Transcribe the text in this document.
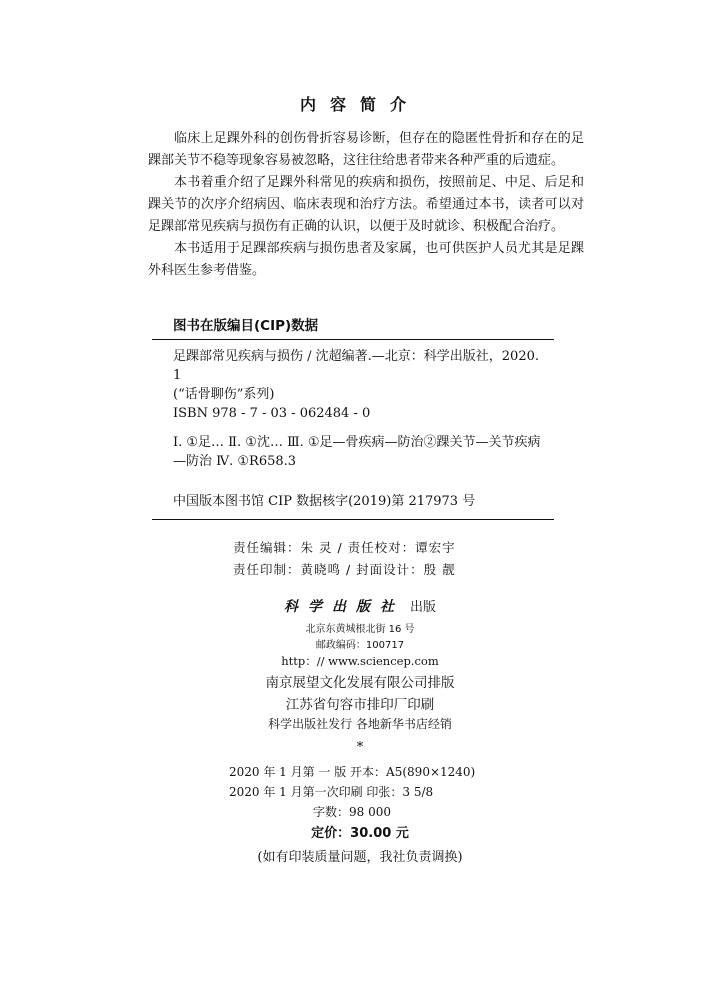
内容简介

临床上足踝外科的创伤骨折容易诊断，但存在的隐匿性骨折和存在的足踝部关节不稳等现象容易被忽略，这往往给患者带来各种严重的后遗症。

本书着重介绍了足踝外科常见的疾病和损伤，按照前足、中足、后足和踝关节的次序介绍病因、临床表现和治疗方法。希望通过本书，读者可以对足踝部常见疾病与损伤有正确的认识，以便于及时就诊、积极配合治疗。

本书适用于足踝部疾病与损伤患者及家属，也可供医护人员尤其是足踝外科医生参考借鉴。

图书在版编目(CIP)数据

足踝部常见疾病与损伤 / 沈超编著.—北京：科学出版社，2020. 1

(“话骨聊伤”系列)

ISBN 978 - 7 - 03 - 062484 - 0

Ⅰ. ①足… Ⅱ. ①沈… Ⅲ. ①足—骨疾病—防治②踝关节—关节疾病—防治 Ⅳ. ①R658.3

中国版本图书馆 CIP 数据核字(2019)第 217973 号
责任编辑：朱 灵 / 责任校对：谭宏宇
责任印制：黄晓鸣 / 封面设计：殷 靓
科学出版社 出版
北京东黄城根北街 16 号
邮政编码：100717
http：// www.sciencep.com
南京展望文化发展有限公司排版
江苏省句容市排印厂印刷
科学出版社发行 各地新华书店经销
*
2020 年 1 月第 一 版 开本：A5(890×1240)
2020 年 1 月第一次印刷 印张：3 5/8
字数：98 000
定价：30.00 元
(如有印装质量问题，我社负责调换)
